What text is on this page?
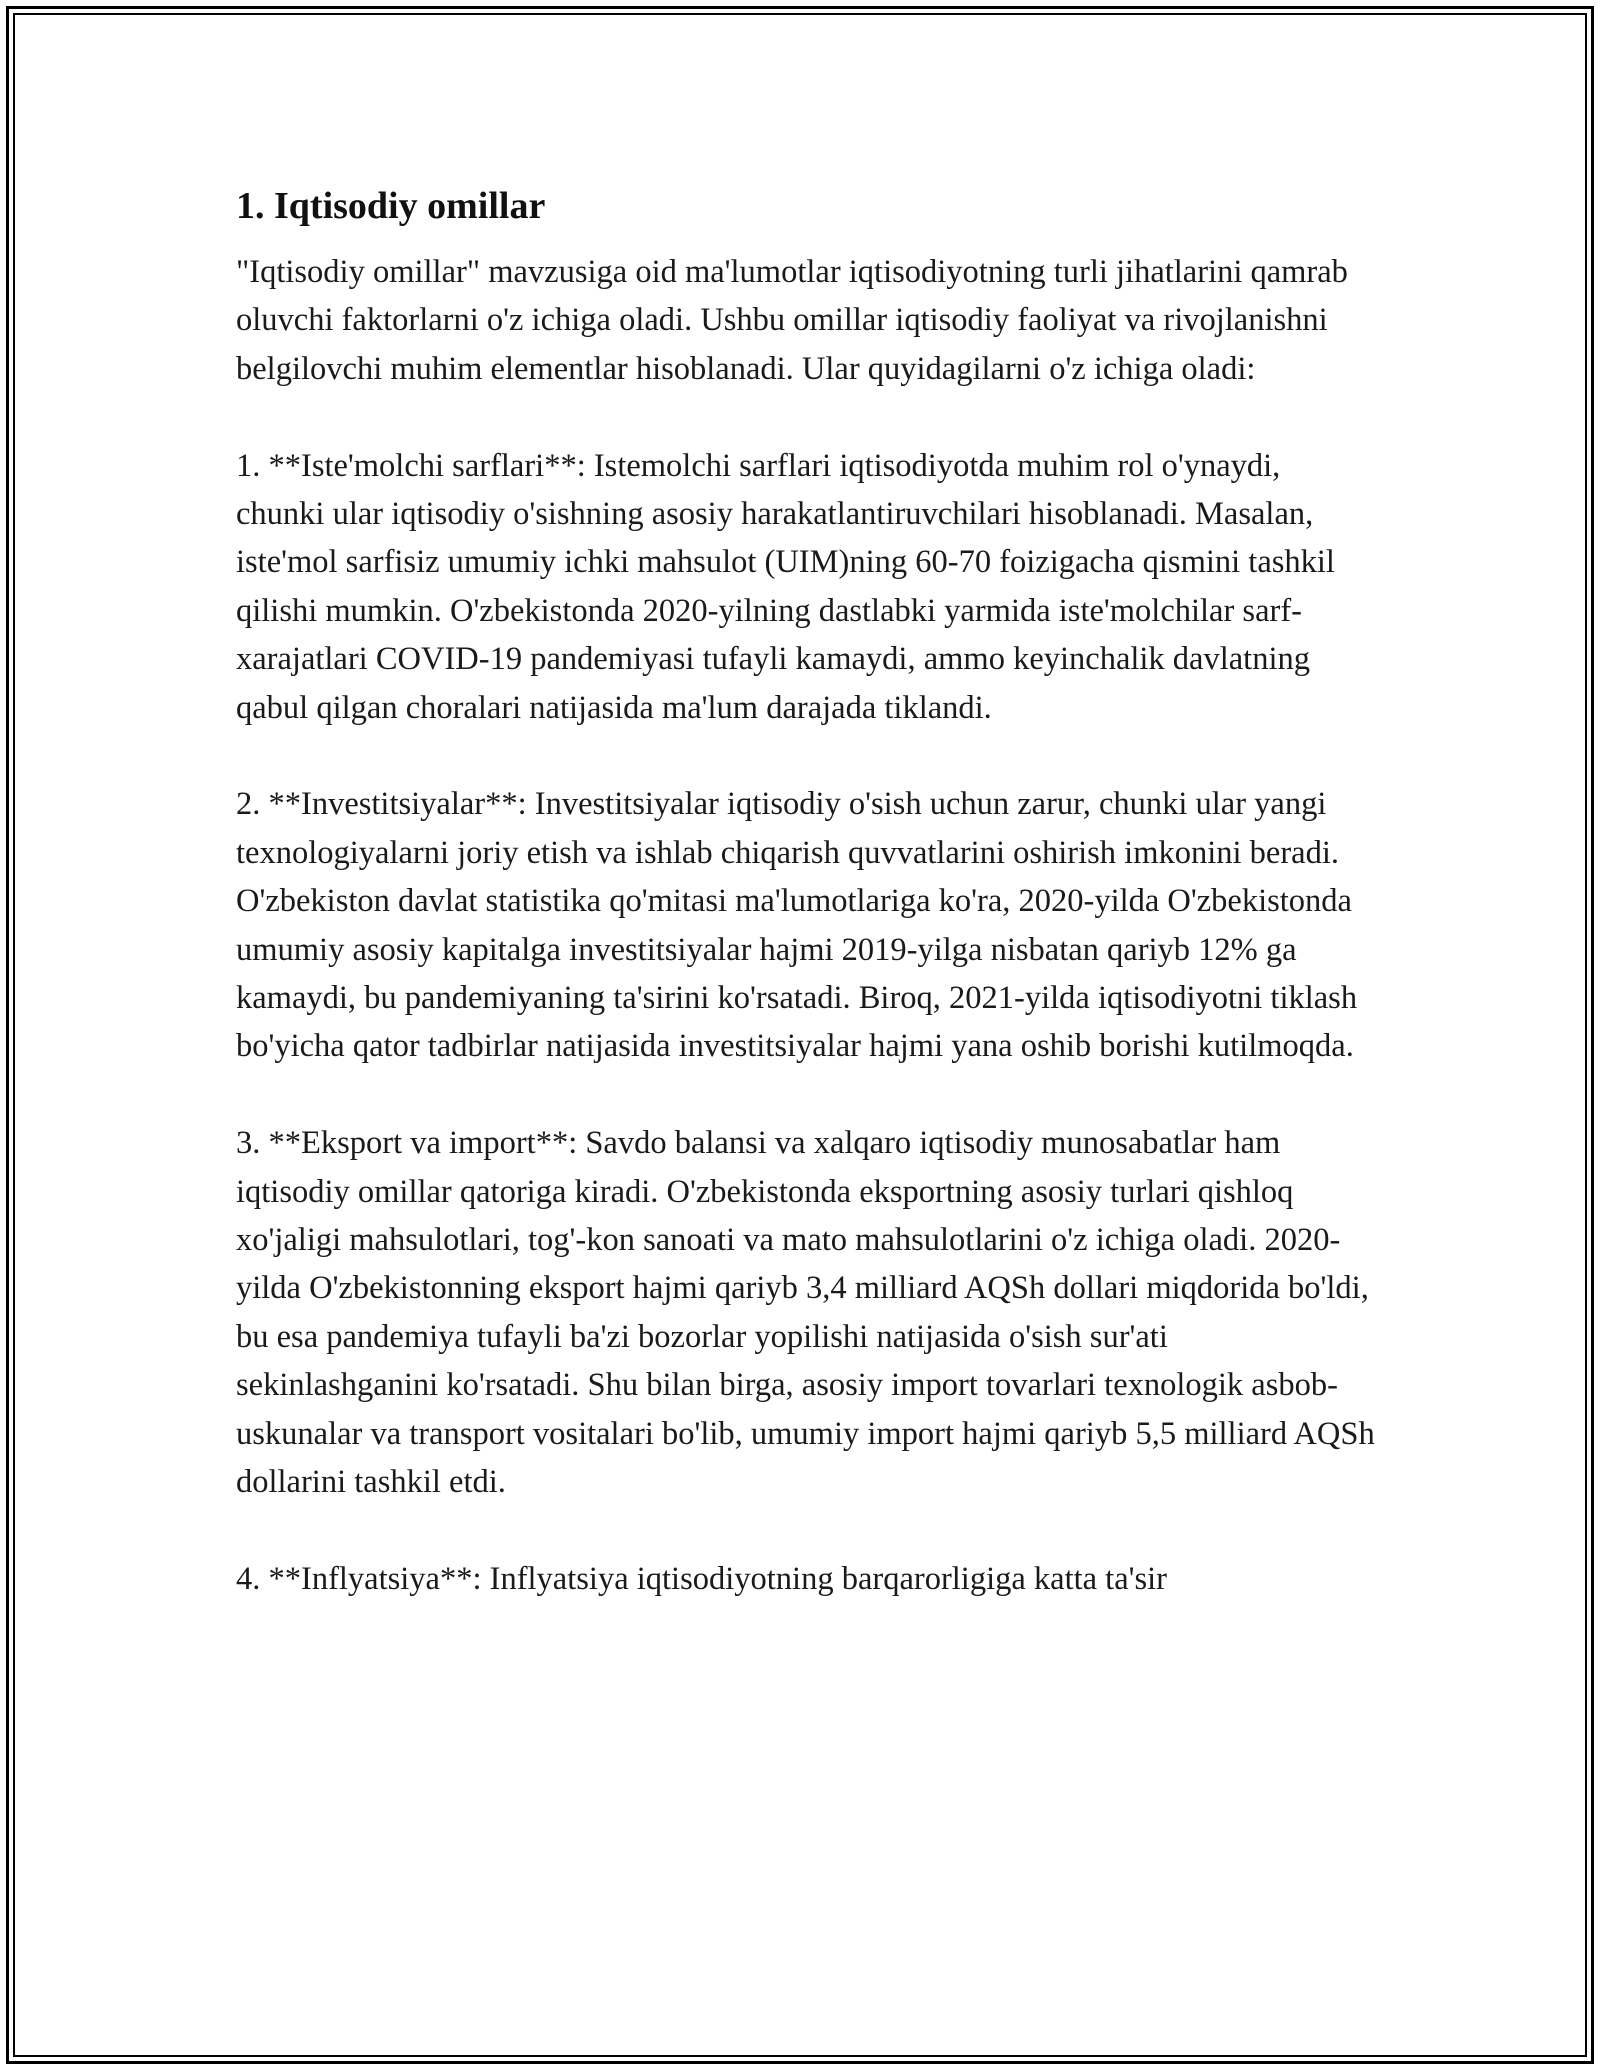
1. Iqtisodiy omillar

"Iqtisodiy omillar" mavzusiga oid ma'lumotlar iqtisodiyotning turli jihatlarini qamrab oluvchi faktorlarni o'z ichiga oladi. Ushbu omillar iqtisodiy faoliyat va rivojlanishni belgilovchi muhim elementlar hisoblanadi. Ular quyidagilarni o'z ichiga oladi:

1. **Iste'molchi sarflari**: Istemolchi sarflari iqtisodiyotda muhim rol o'ynaydi, chunki ular iqtisodiy o'sishning asosiy harakatlantiruvchilari hisoblanadi. Masalan, iste'mol sarfisiz umumiy ichki mahsulot (UIM)ning 60-70 foizigacha qismini tashkil qilishi mumkin. O'zbekistonda 2020-yilning dastlabki yarmida iste'molchilar sarf-xarajatlari COVID-19 pandemiyasi tufayli kamaydi, ammo keyinchalik davlatning qabul qilgan choralari natijasida ma'lum darajada tiklandi.

2. **Investitsiyalar**: Investitsiyalar iqtisodiy o'sish uchun zarur, chunki ular yangi texnologiyalarni joriy etish va ishlab chiqarish quvvatlarini oshirish imkonini beradi. O'zbekiston davlat statistika qo'mitasi ma'lumotlariga ko'ra, 2020-yilda O'zbekistonda umumiy asosiy kapitalga investitsiyalar hajmi 2019-yilga nisbatan qariyb 12% ga kamaydi, bu pandemiyaning ta'sirini ko'rsatadi. Biroq, 2021-yilda iqtisodiyotni tiklash bo'yicha qator tadbirlar natijasida investitsiyalar hajmi yana oshib borishi kutilmoqda.

3. **Eksport va import**: Savdo balansi va xalqaro iqtisodiy munosabatlar ham iqtisodiy omillar qatoriga kiradi. O'zbekistonda eksportning asosiy turlari qishloq xo'jaligi mahsulotlari, tog'-kon sanoati va mato mahsulotlarini o'z ichiga oladi. 2020-yilda O'zbekistonning eksport hajmi qariyb 3,4 milliard AQSh dollari miqdorida bo'ldi, bu esa pandemiya tufayli ba'zi bozorlar yopilishi natijasida o'sish sur'ati sekinlashganini ko'rsatadi. Shu bilan birga, asosiy import tovarlari texnologik asbob-uskunalar va transport vositalari bo'lib, umumiy import hajmi qariyb 5,5 milliard AQSh dollarini tashkil etdi.

4. **Inflyatsiya**: Inflyatsiya iqtisodiyotning barqarorligiga katta ta'sir
